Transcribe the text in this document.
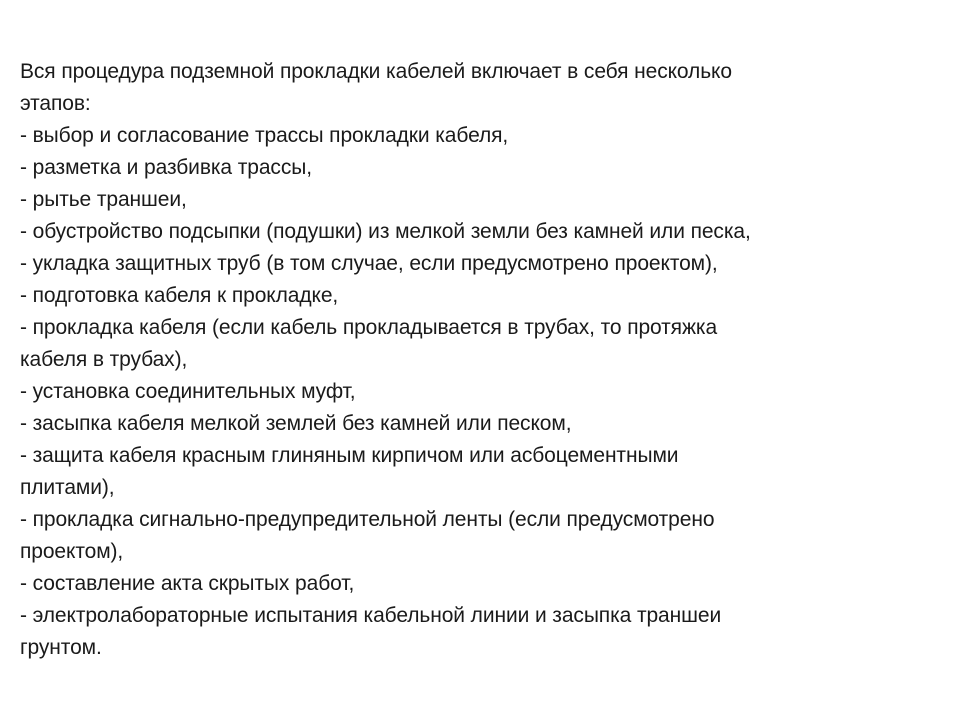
Вся процедура подземной прокладки кабелей включает в себя несколько
этапов:
- выбор и согласование трассы прокладки кабеля,
- разметка и разбивка трассы,
- рытье траншеи,
- обустройство подсыпки (подушки) из мелкой земли без камней или песка,
- укладка защитных труб (в том случае, если предусмотрено проектом),
- подготовка кабеля к прокладке,
- прокладка кабеля (если кабель прокладывается в трубах, то протяжка
кабеля в трубах),
- установка соединительных муфт,
- засыпка кабеля мелкой землей без камней или песком,
- защита кабеля красным глиняным кирпичом или асбоцементными
плитами),
- прокладка сигнально-предупредительной ленты (если предусмотрено
проектом),
- составление акта скрытых работ,
- электролабораторные испытания кабельной линии и засыпка траншеи
грунтом.
